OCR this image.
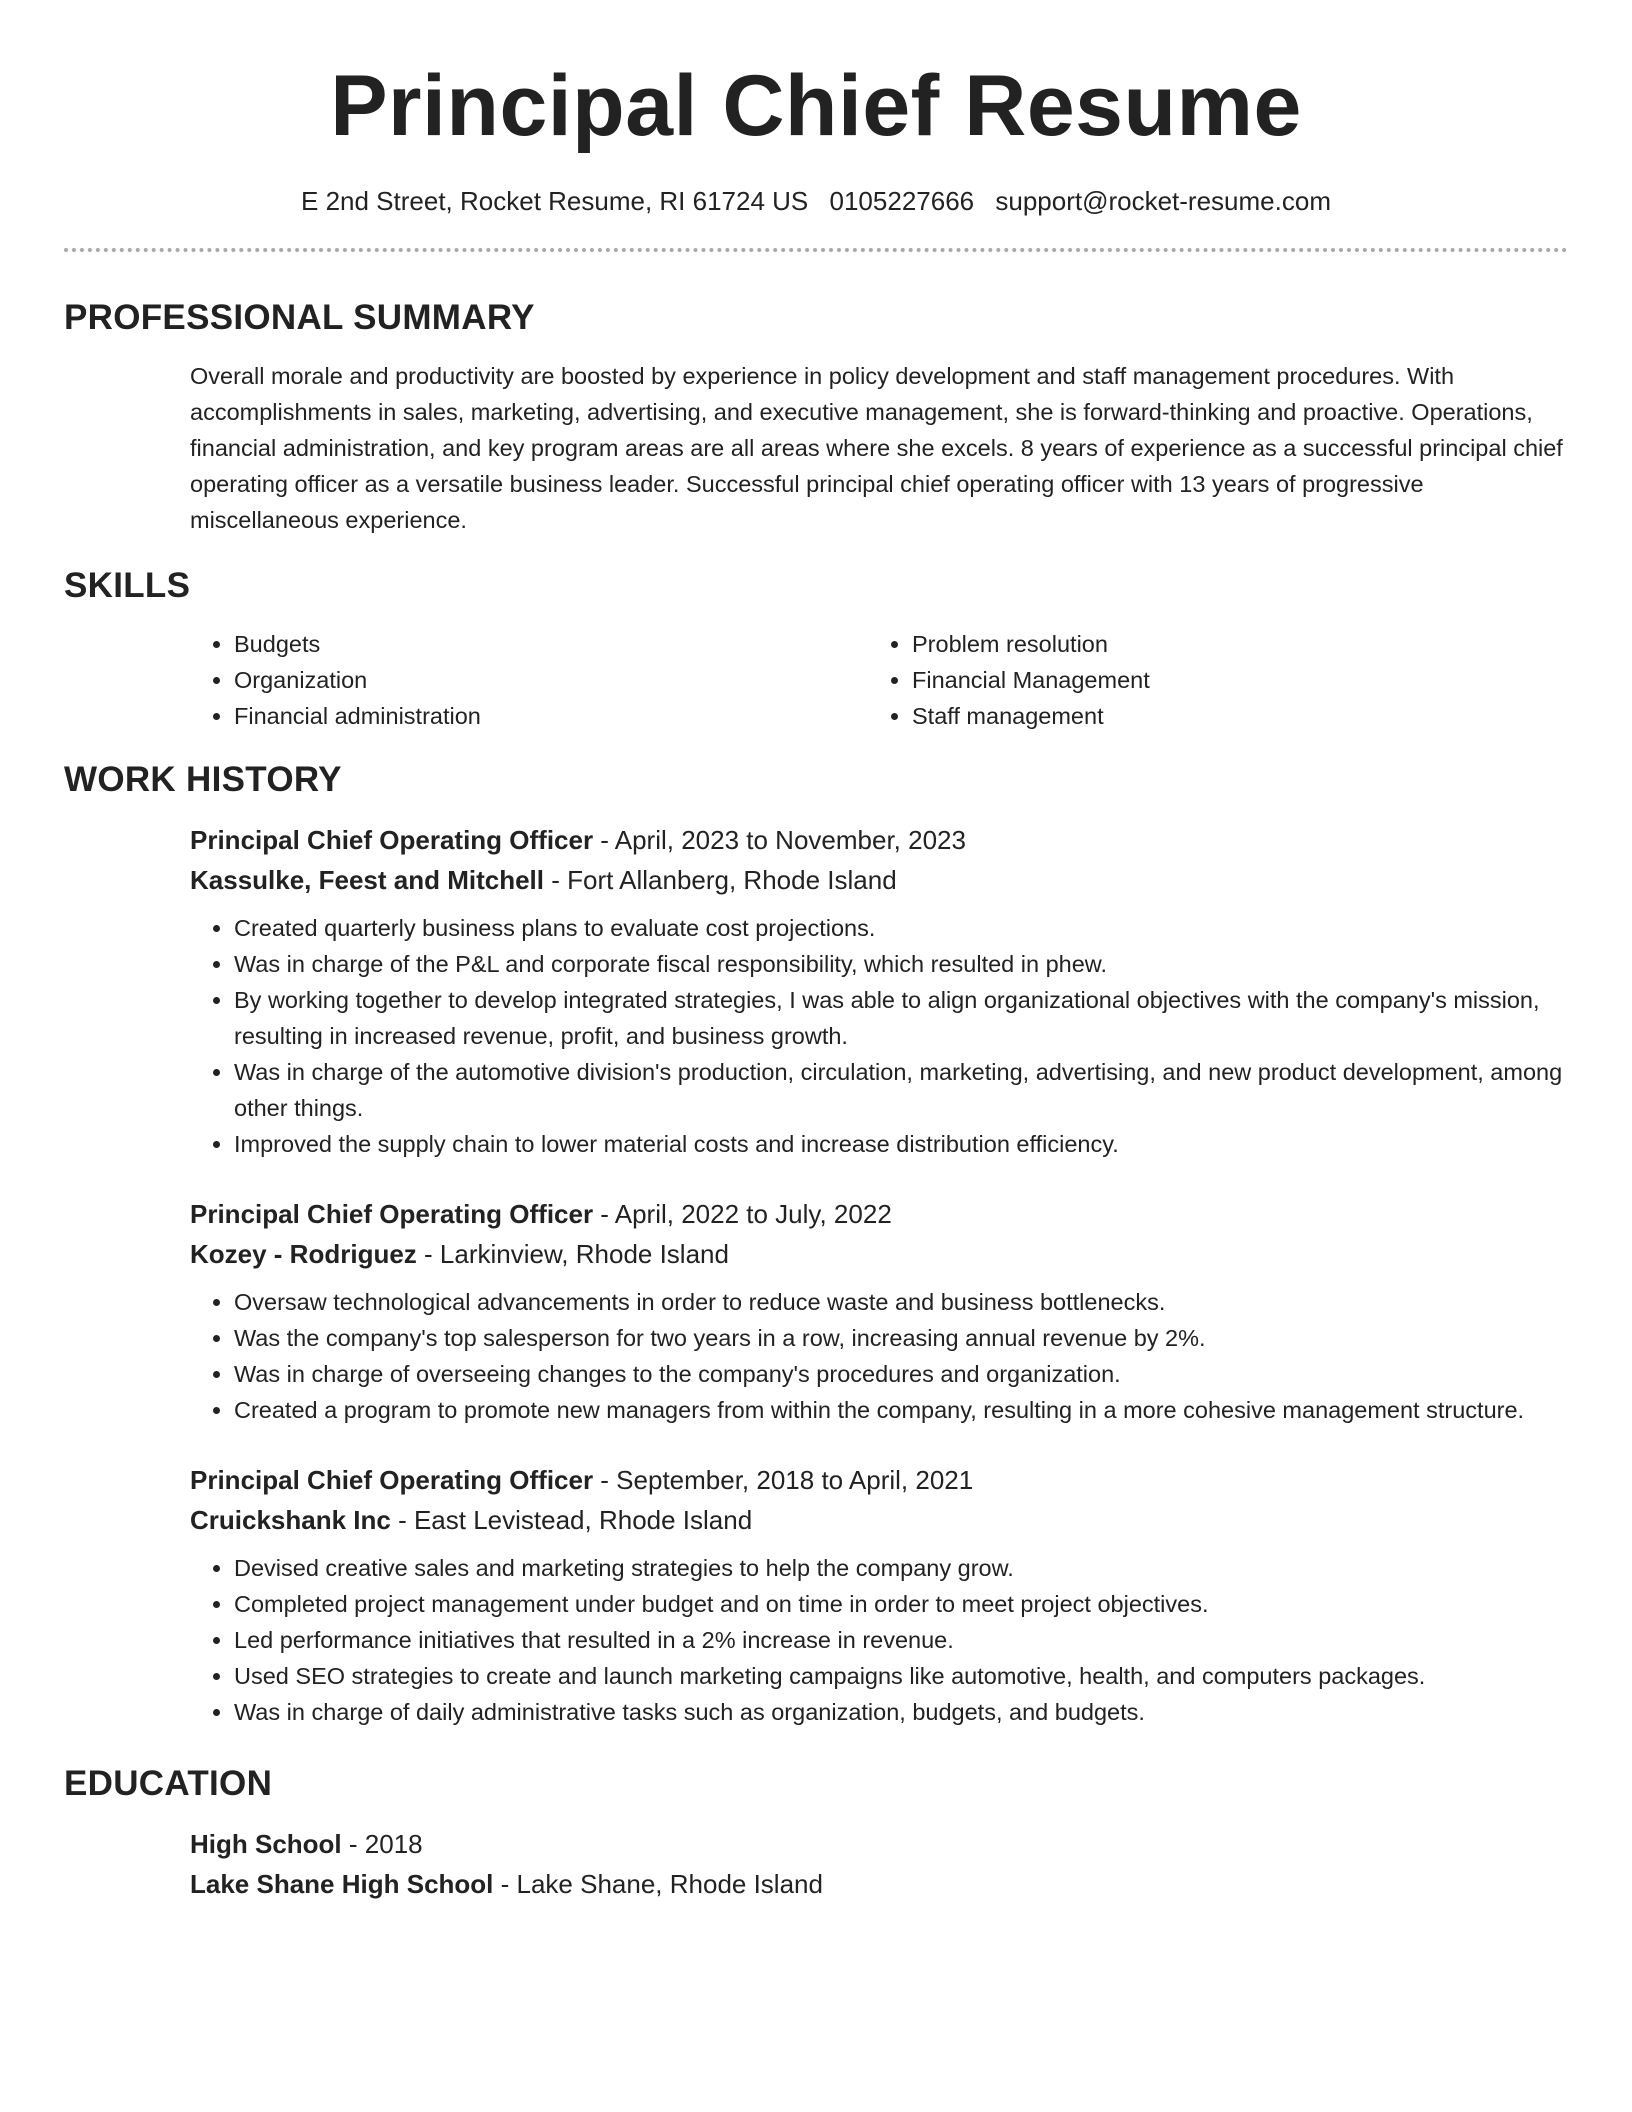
Principal Chief Resume
E 2nd Street, Rocket Resume, RI 61724 US 0105227666 support@rocket-resume.com
PROFESSIONAL SUMMARY
Overall morale and productivity are boosted by experience in policy development and staff management procedures. With accomplishments in sales, marketing, advertising, and executive management, she is forward-thinking and proactive. Operations, financial administration, and key program areas are all areas where she excels. 8 years of experience as a successful principal chief operating officer as a versatile business leader. Successful principal chief operating officer with 13 years of progressive miscellaneous experience.
SKILLS
• Budgets
• Organization
• Financial administration
• Problem resolution
• Financial Management
• Staff management
WORK HISTORY
Principal Chief Operating Officer - April, 2023 to November, 2023
Kassulke, Feest and Mitchell - Fort Allanberg, Rhode Island
• Created quarterly business plans to evaluate cost projections.
• Was in charge of the P&L and corporate fiscal responsibility, which resulted in phew.
• By working together to develop integrated strategies, I was able to align organizational objectives with the company's mission, resulting in increased revenue, profit, and business growth.
• Was in charge of the automotive division's production, circulation, marketing, advertising, and new product development, among other things.
• Improved the supply chain to lower material costs and increase distribution efficiency.
Principal Chief Operating Officer - April, 2022 to July, 2022
Kozey - Rodriguez - Larkinview, Rhode Island
• Oversaw technological advancements in order to reduce waste and business bottlenecks.
• Was the company's top salesperson for two years in a row, increasing annual revenue by 2%.
• Was in charge of overseeing changes to the company's procedures and organization.
• Created a program to promote new managers from within the company, resulting in a more cohesive management structure.
Principal Chief Operating Officer - September, 2018 to April, 2021
Cruickshank Inc - East Levistead, Rhode Island
• Devised creative sales and marketing strategies to help the company grow.
• Completed project management under budget and on time in order to meet project objectives.
• Led performance initiatives that resulted in a 2% increase in revenue.
• Used SEO strategies to create and launch marketing campaigns like automotive, health, and computers packages.
• Was in charge of daily administrative tasks such as organization, budgets, and budgets.
EDUCATION
High School - 2018
Lake Shane High School - Lake Shane, Rhode Island
